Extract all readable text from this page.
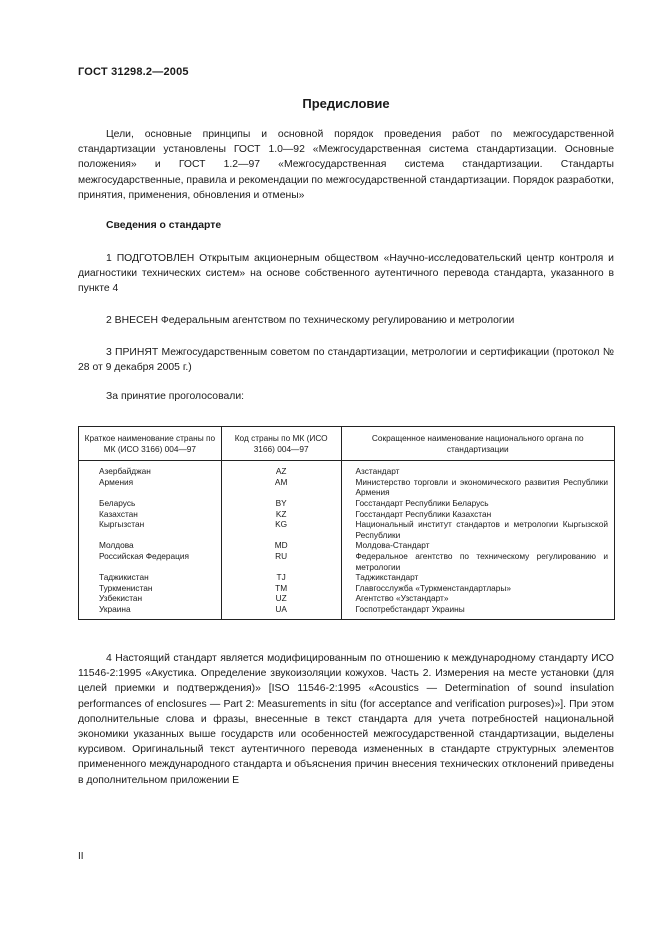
ГОСТ 31298.2—2005
Предисловие

Цели, основные принципы и основной порядок проведения работ по межгосударственной стандартизации установлены ГОСТ 1.0—92 «Межгосударственная система стандартизации. Основные положения» и ГОСТ 1.2—97 «Межгосударственная система стандартизации. Стандарты межгосударственные, правила и рекомендации по межгосударственной стандартизации. Порядок разработки, принятия, применения, обновления и отмены»

Сведения о стандарте

1 ПОДГОТОВЛЕН Открытым акционерным обществом «Научно-исследовательский центр контроля и диагностики технических систем» на основе собственного аутентичного перевода стандарта, указанного в пункте 4

2 ВНЕСЕН Федеральным агентством по техническому регулированию и метрологии

3 ПРИНЯТ Межгосударственным советом по стандартизации, метрологии и сертификации (протокол № 28 от 9 декабря 2005 г.)

За принятие проголосовали:
Краткое наименование страны по МК (ИСО 3166) 004—97	Код страны по МК (ИСО 3166) 004—97	Сокращенное наименование национального органа по стандартизации
Азербайджан	AZ	Азстандарт
Армения	AM	Министерство торговли и экономического развития Республики Армения
Беларусь	BY	Госстандарт Республики Беларусь
Казахстан	KZ	Госстандарт Республики Казахстан
Кыргызстан	KG	Национальный институт стандартов и метрологии Кыргызской Республики
Молдова	MD	Молдова-Стандарт
Российская Федерация	RU	Федеральное агентство по техническому регулированию и метрологии
Таджикистан	TJ	Таджикстандарт
Туркменистан	TM	Главгосслужба «Туркменстандартлары»
Узбекистан	UZ	Агентство «Узстандарт»
Украина	UA	Госпотребстандарт Украины

4 Настоящий стандарт является модифицированным по отношению к международному стандарту ИСО 11546-2:1995 «Акустика. Определение звукоизоляции кожухов. Часть 2. Измерения на месте установки (для целей приемки и подтверждения)» [ISO 11546-2:1995 «Acoustics — Determination of sound insulation performances of enclosures — Part 2: Measurements in situ (for acceptance and verification purposes)»]. При этом дополнительные слова и фразы, внесенные в текст стандарта для учета потребностей национальной экономики указанных выше государств или особенностей межгосударственной стандартизации, выделены курсивом. Оригинальный текст аутентичного перевода измененных в стандарте структурных элементов примененного международного стандарта и объяснения причин внесения технических отклонений приведены в дополнительном приложении Е

II
